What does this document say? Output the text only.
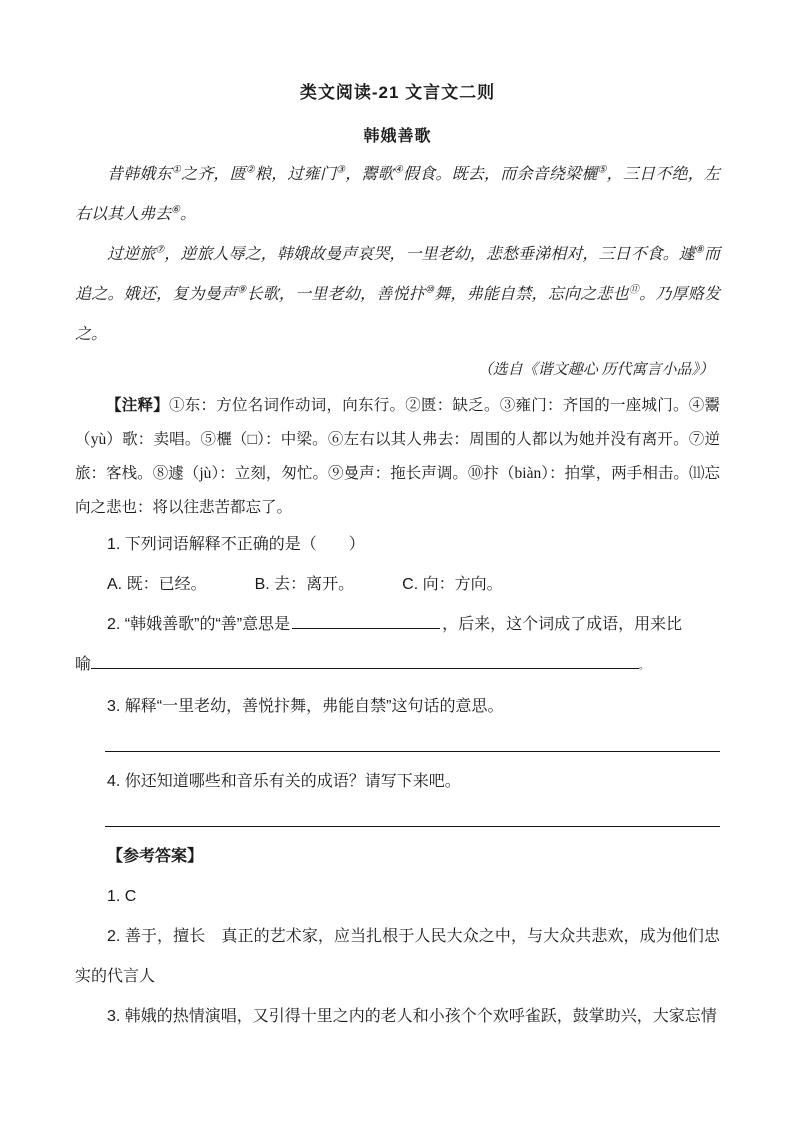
类文阅读-21 文言文二则
韩娥善歌

昔韩娥东①之齐，匮②粮，过雍门③，鬻歌④假食。既去，而余音绕梁欐⑤，三日不绝，左右以其人弗去⑥。

过逆旅⑦，逆旅人辱之，韩娥故曼声哀哭，一里老幼，悲愁垂涕相对，三日不食。遽⑧而追之。娥还，复为曼声⑨长歌，一里老幼，善悦抃⑩舞，弗能自禁，忘向之悲也⑪。乃厚赂发之。

（选自《谐文趣心 历代寓言小品》）

【注释】①东：方位名词作动词，向东行。②匮：缺乏。③雍门：齐国的一座城门。④鬻（yù）歌：卖唱。⑤欐（□）：中梁。⑥左右以其人弗去：周围的人都以为她并没有离开。⑦逆旅：客栈。⑧遽（jù）：立刻，匆忙。⑨曼声：拖长声调。⑩抃（biàn）：拍掌，两手相击。⑾忘向之悲也：将以往悲苦都忘了。

1. 下列词语解释不正确的是（　　）

A. 既：已经。	B. 去：离开。	C. 向：方向。

2. “韩娥善歌”的“善”意思是	，后来，这个词成了成语，用来比

喻	。

3. 解释“一里老幼，善悦抃舞，弗能自禁”这句话的意思。

4. 你还知道哪些和音乐有关的成语？请写下来吧。

【参考答案】

1. C

2. 善于，擅长　真正的艺术家，应当扎根于人民大众之中，与大众共悲欢，成为他们忠实的代言人

3. 韩娥的热情演唱，又引得十里之内的老人和小孩个个欢呼雀跃，鼓掌助兴，大家忘情
